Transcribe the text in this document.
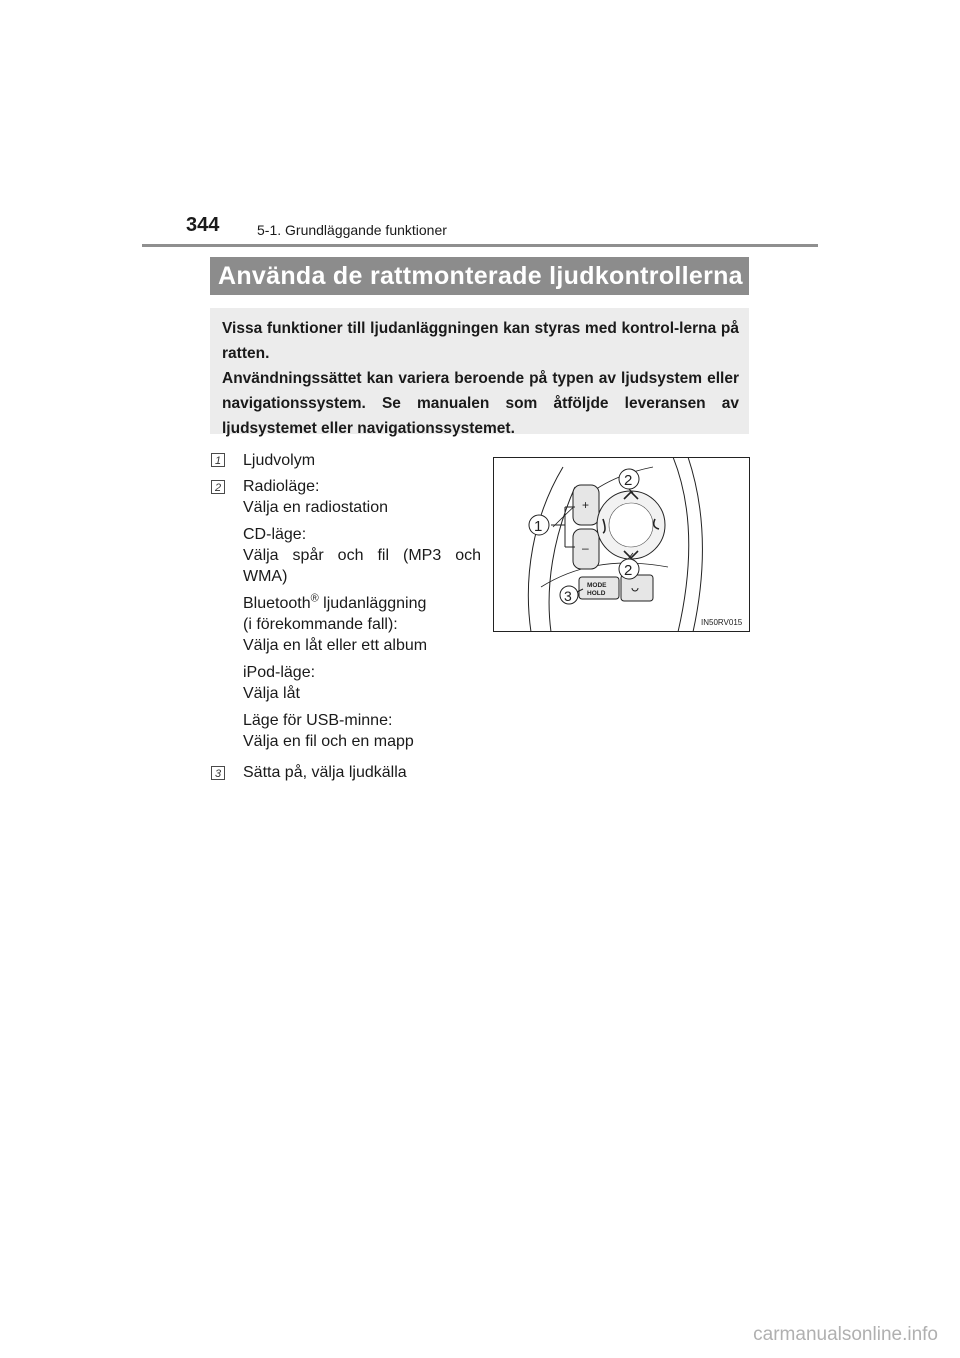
344	5-1. Grundläggande funktioner
Använda de rattmonterade ljudkontrollerna

Vissa funktioner till ljudanläggningen kan styras med kontrol-lerna på ratten.

Användningssättet kan variera beroende på typen av ljudsystem eller navigationssystem. Se manualen som åtföljde leveransen av ljudsystemet eller navigationssystemet.

1 Ljudvolym
2 Radioläge:
Välja en radiostation
CD-läge:
Välja spår och fil (MP3 och
WMA)
Bluetooth® ljudanläggning
(i förekommande fall):
Välja en låt eller ett album
iPod-läge:
Välja låt
Läge för USB-minne:
Välja en fil och en mapp
3 Sätta på, välja ljudkälla
+
–
MODE
HOLD
1
2
2
3
IN50RV015
carmanualsonline.info
